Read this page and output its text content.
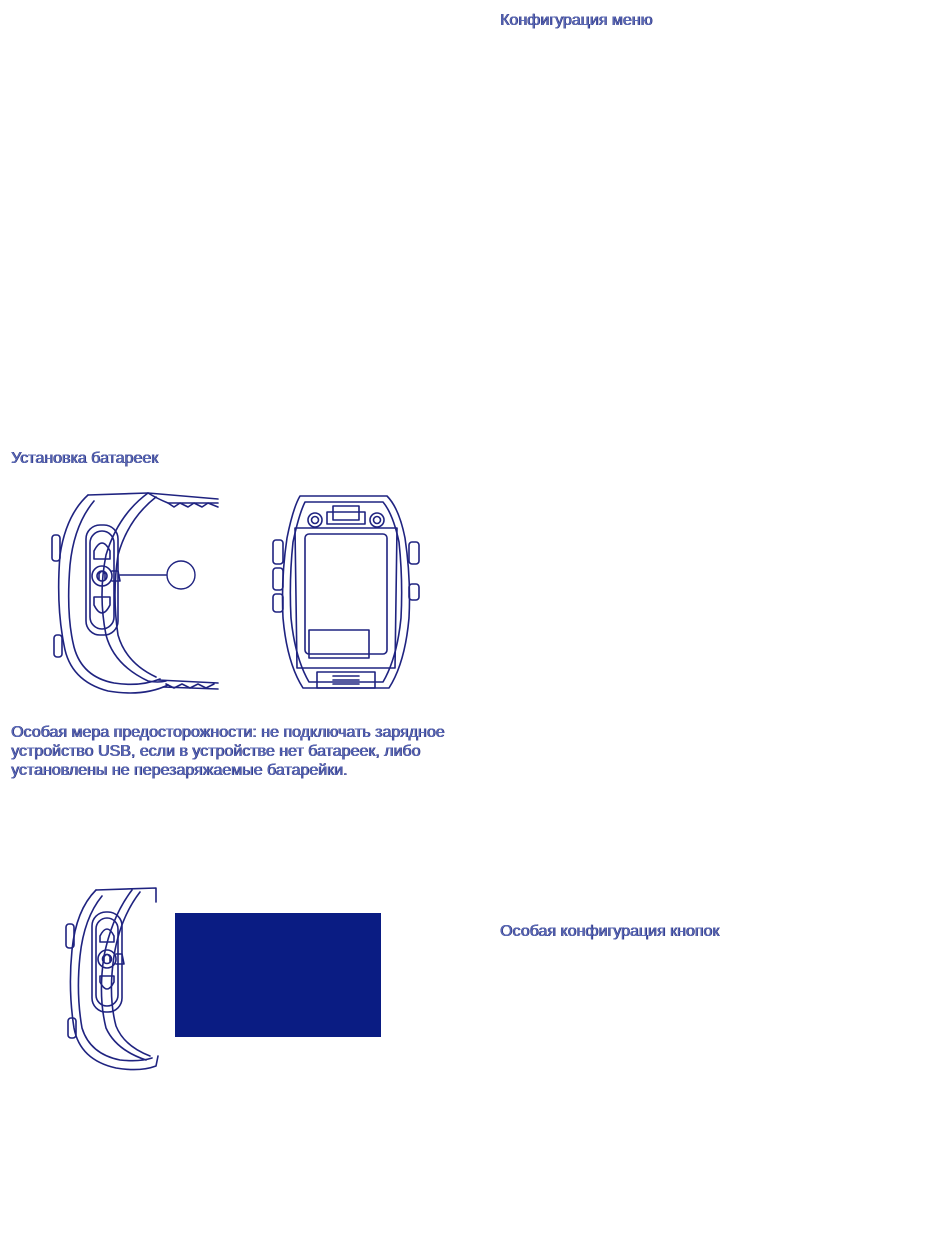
Конфигурация меню
Установка батареек

Особая мера предосторожности: не подключать зарядное устройство USB, если в устройстве нет батареек, либо установлены не перезаряжаемые батарейки.

Особая конфигурация кнопок
